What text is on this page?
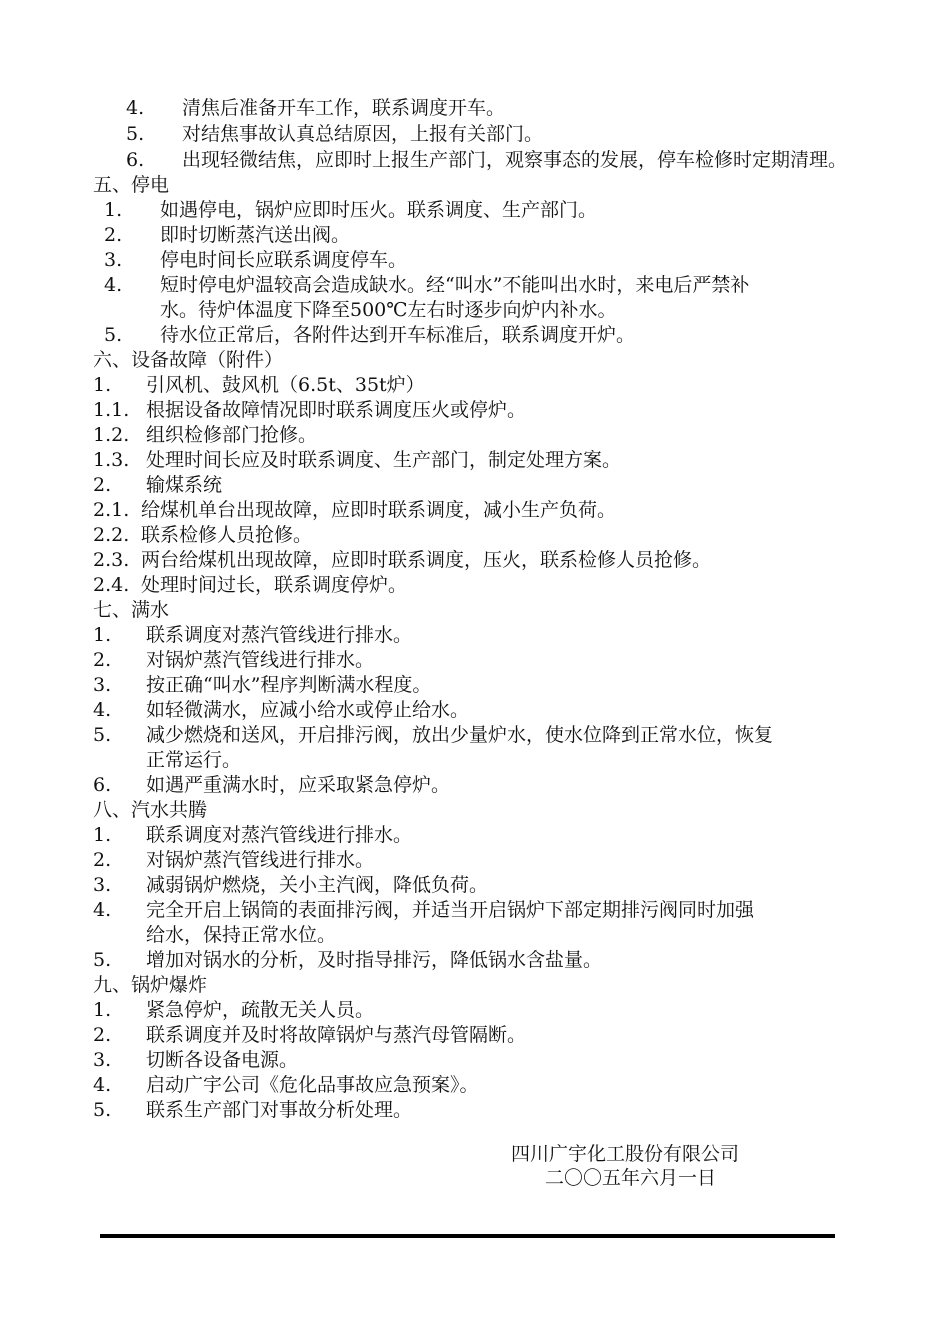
4. 清焦后准备开车工作，联系调度开车。
5. 对结焦事故认真总结原因，上报有关部门。
6. 出现轻微结焦，应即时上报生产部门，观察事态的发展，停车检修时定期清理。
五、停电
1. 如遇停电，锅炉应即时压火。联系调度、生产部门。
2. 即时切断蒸汽送出阀。
3. 停电时间长应联系调度停车。
4. 短时停电炉温较高会造成缺水。经“叫水”不能叫出水时，来电后严禁补
水。待炉体温度下降至500℃左右时逐步向炉内补水。
5. 待水位正常后，各附件达到开车标准后，联系调度开炉。
六、设备故障（附件）
1. 引风机、鼓风机（6.5t、35t炉）
1.1. 根据设备故障情况即时联系调度压火或停炉。
1.2. 组织检修部门抢修。
1.3. 处理时间长应及时联系调度、生产部门，制定处理方案。
2. 输煤系统
2.1. 给煤机单台出现故障，应即时联系调度，减小生产负荷。
2.2. 联系检修人员抢修。
2.3. 两台给煤机出现故障，应即时联系调度，压火，联系检修人员抢修。
2.4. 处理时间过长，联系调度停炉。
七、满水
1. 联系调度对蒸汽管线进行排水。
2. 对锅炉蒸汽管线进行排水。
3. 按正确“叫水”程序判断满水程度。
4. 如轻微满水，应减小给水或停止给水。
5. 减少燃烧和送风，开启排污阀，放出少量炉水，使水位降到正常水位，恢复
正常运行。
6. 如遇严重满水时，应采取紧急停炉。
八、汽水共腾
1. 联系调度对蒸汽管线进行排水。
2. 对锅炉蒸汽管线进行排水。
3. 减弱锅炉燃烧，关小主汽阀，降低负荷。
4. 完全开启上锅筒的表面排污阀，并适当开启锅炉下部定期排污阀同时加强
给水，保持正常水位。
5. 增加对锅水的分析，及时指导排污，降低锅水含盐量。
九、锅炉爆炸
1. 紧急停炉，疏散无关人员。
2. 联系调度并及时将故障锅炉与蒸汽母管隔断。
3. 切断各设备电源。
4. 启动广宇公司《危化品事故应急预案》。
5. 联系生产部门对事故分析处理。
四川广宇化工股份有限公司
二〇〇五年六月一日
